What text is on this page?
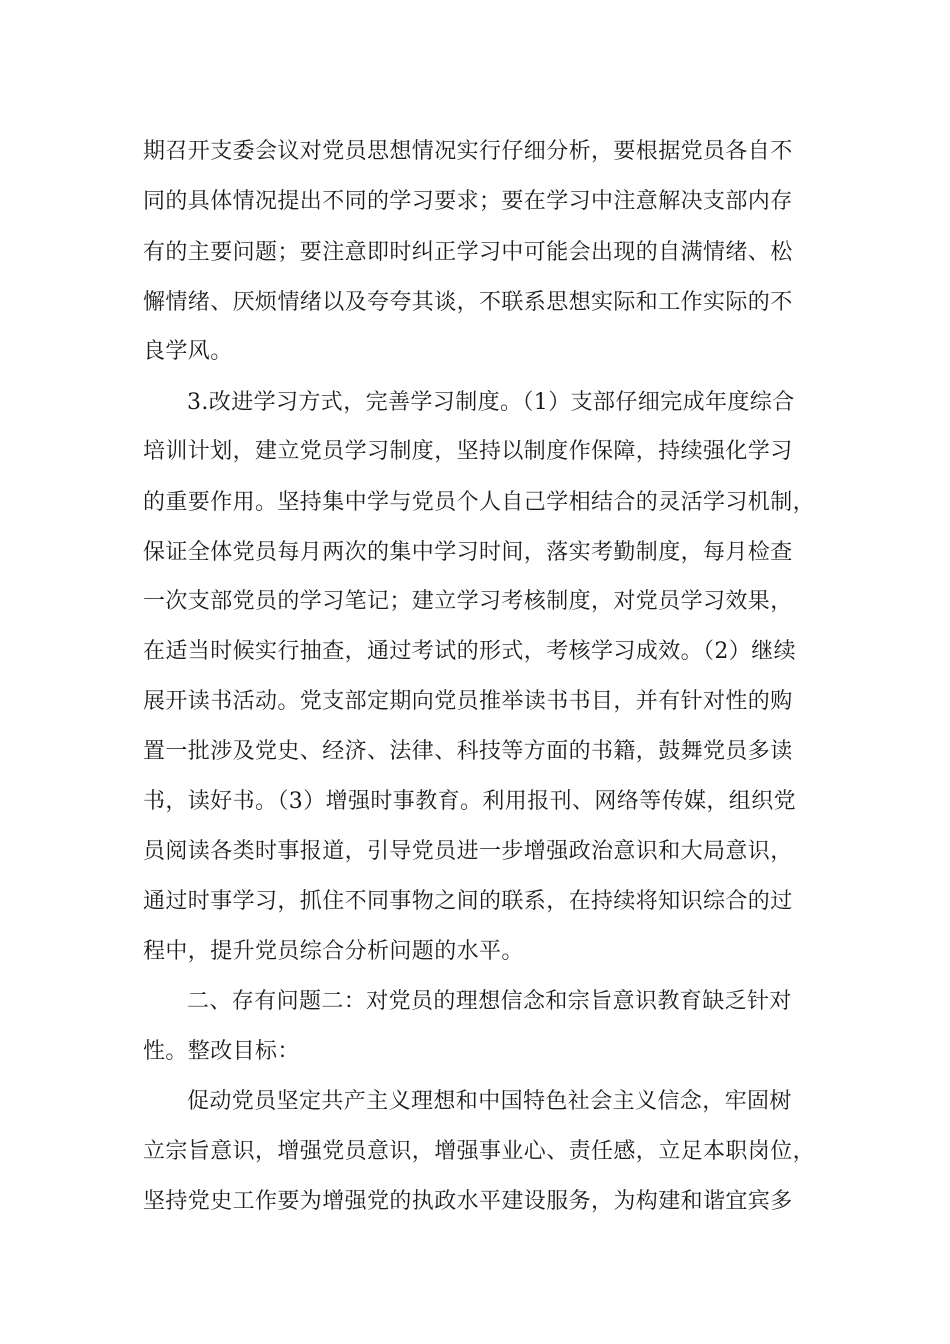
期召开支委会议对党员思想情况实行仔细分析，要根据党员各自不
同的具体情况提出不同的学习要求；要在学习中注意解决支部内存
有的主要问题；要注意即时纠正学习中可能会出现的自满情绪、松
懈情绪、厌烦情绪以及夸夸其谈，不联系思想实际和工作实际的不
良学风。
3.改进学习方式，完善学习制度。（1）支部仔细完成年度综合
培训计划，建立党员学习制度，坚持以制度作保障，持续强化学习
的重要作用。坚持集中学与党员个人自己学相结合的灵活学习机制，
保证全体党员每月两次的集中学习时间，落实考勤制度，每月检查
一次支部党员的学习笔记；建立学习考核制度，对党员学习效果，
在适当时候实行抽查，通过考试的形式，考核学习成效。（2）继续
展开读书活动。党支部定期向党员推举读书书目，并有针对性的购
置一批涉及党史、经济、法律、科技等方面的书籍，鼓舞党员多读
书，读好书。（3）增强时事教育。利用报刊、网络等传媒，组织党
员阅读各类时事报道，引导党员进一步增强政治意识和大局意识，
通过时事学习，抓住不同事物之间的联系，在持续将知识综合的过
程中，提升党员综合分析问题的水平。
二、存有问题二：对党员的理想信念和宗旨意识教育缺乏针对
性。整改目标：
促动党员坚定共产主义理想和中国特色社会主义信念，牢固树
立宗旨意识，增强党员意识，增强事业心、责任感，立足本职岗位，
坚持党史工作要为增强党的执政水平建设服务，为构建和谐宜宾多
